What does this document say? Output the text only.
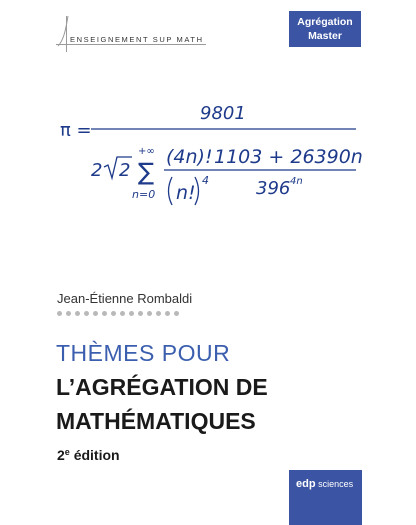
ENSEIGNEMENT SUP MATH
Agrégation
Master
π =
9801
2 2
+∞
∑
n=0
(4n)!
n!
4
1103 + 26390n
396 4n
Jean-Étienne Rombaldi
THÈMES POUR
L’AGRÉGATION DE
MATHÉMATIQUES
2e édition
edp sciences
